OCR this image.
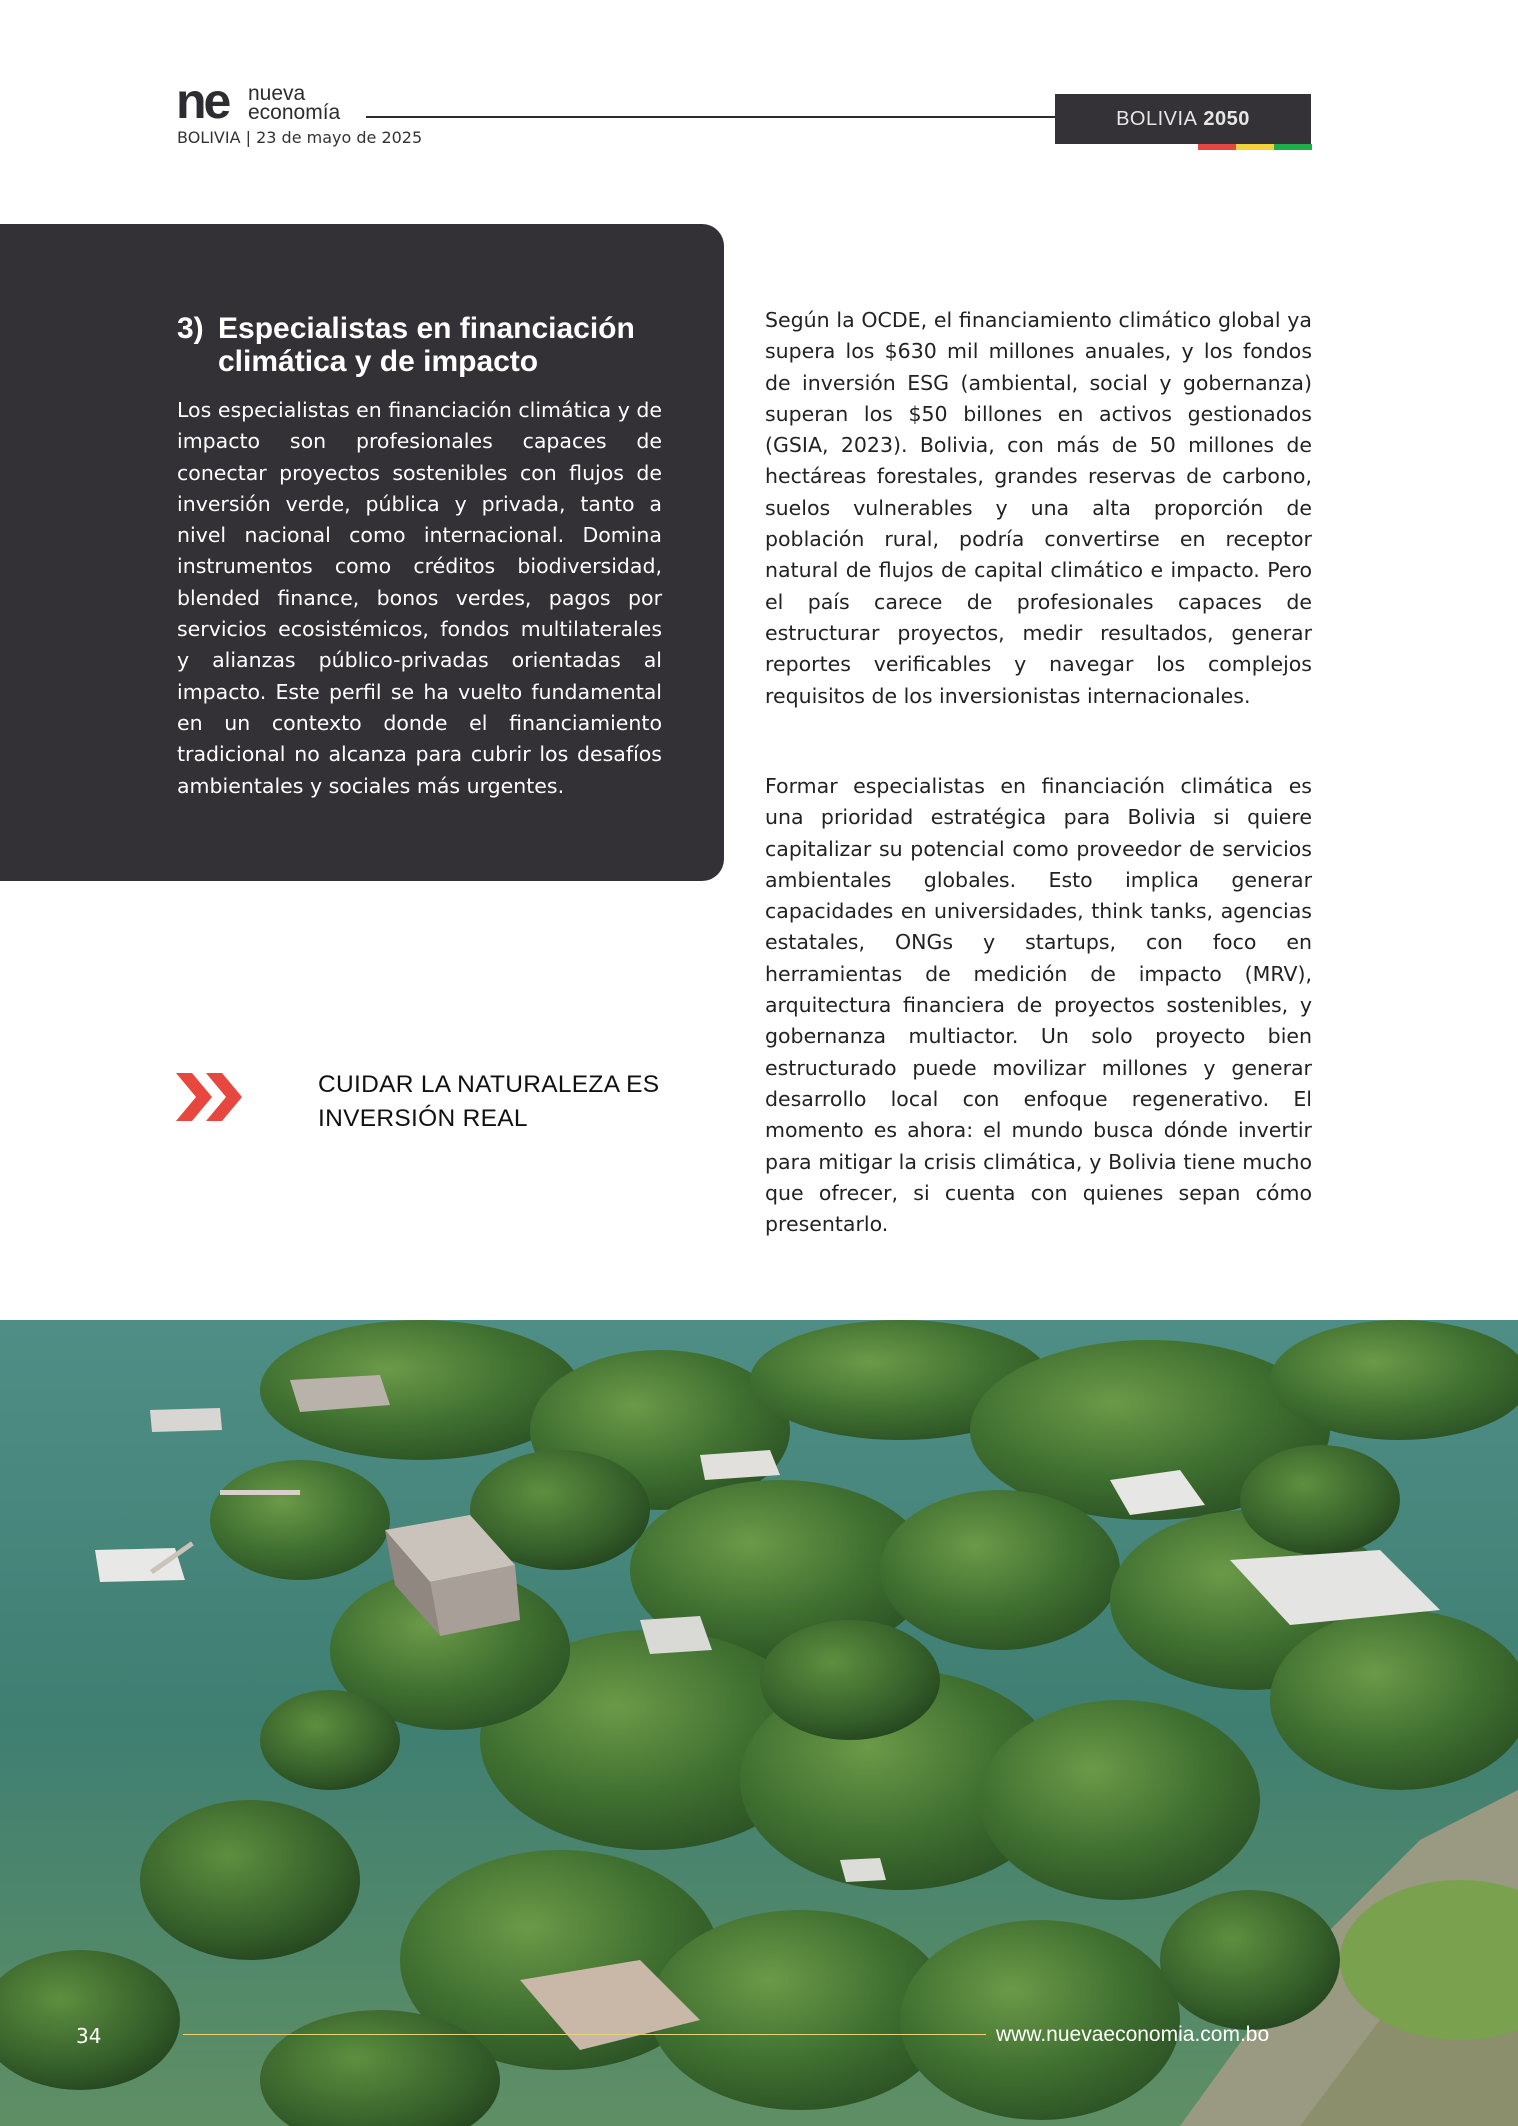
ne nueva
economía
BOLIVIA | 23 de mayo de 2025
BOLIVIA 2050
3) Especialistas en financiación climática y de impacto
Los especialistas en financiación climática y de impacto son profesionales capaces de conectar proyectos sostenibles con flujos de inversión verde, pública y privada, tanto a nivel nacional como internacional. Domina instrumentos como créditos biodiversidad, blended finance, bonos verdes, pagos por servicios ecosistémicos, fondos multilaterales y alianzas público-privadas orientadas al impacto. Este perfil se ha vuelto fundamental en un contexto donde el financiamiento tradicional no alcanza para cubrir los desafíos ambientales y sociales más urgentes.
Según la OCDE, el financiamiento climático global ya supera los $630 mil millones anuales, y los fondos de inversión ESG (ambiental, social y gobernanza) superan los $50 billones en activos gestionados (GSIA, 2023). Bolivia, con más de 50 millones de hectáreas forestales, grandes reservas de carbono, suelos vulnerables y una alta proporción de población rural, podría convertirse en receptor natural de flujos de capital climático e impacto. Pero el país carece de profesionales capaces de estructurar proyectos, medir resultados, generar reportes verificables y navegar los complejos requisitos de los inversionistas internacionales.
Formar especialistas en financiación climática es una prioridad estratégica para Bolivia si quiere capitalizar su potencial como proveedor de servicios ambientales globales. Esto implica generar capacidades en universidades, think tanks, agencias estatales, ONGs y startups, con foco en herramientas de medición de impacto (MRV), arquitectura financiera de proyectos sostenibles, y gobernanza multiactor. Un solo proyecto bien estructurado puede movilizar millones y generar desarrollo local con enfoque regenerativo. El momento es ahora: el mundo busca dónde invertir para mitigar la crisis climática, y Bolivia tiene mucho que ofrecer, si cuenta con quienes sepan cómo presentarlo.
CUIDAR LA NATURALEZA ES
INVERSIÓN REAL
34	www.nuevaeconomia.com.bo
